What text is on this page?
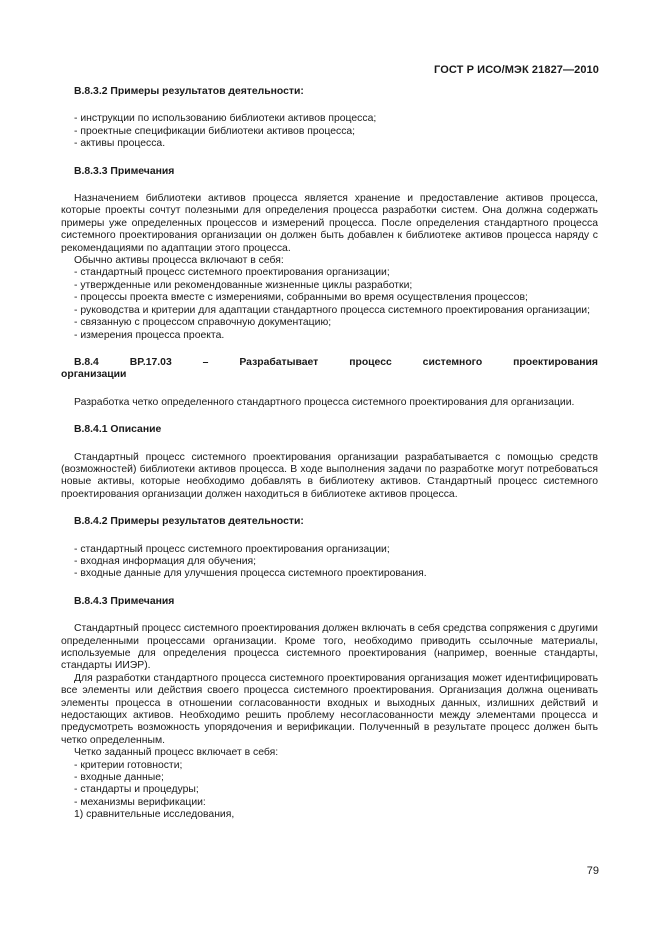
ГОСТ Р ИСО/МЭК 21827—2010
B.8.3.2 Примеры результатов деятельности:
- инструкции по использованию библиотеки активов процесса;
- проектные спецификации библиотеки активов процесса;
- активы процесса.
B.8.3.3 Примечания

Назначением библиотеки активов процесса является хранение и предоставление активов процесса, которые проекты сочтут полезными для определения процесса разработки систем. Она должна содержать примеры уже определенных процессов и измерений процесса. После определения стандартного процесса системного проектирования организации он должен быть добавлен к библиотеке активов процесса наряду с рекомендациями по адаптации этого процесса.

Обычно активы процесса включают в себя:
- стандартный процесс системного проектирования организации;
- утвержденные или рекомендованные жизненные циклы разработки;
- процессы проекта вместе с измерениями, собранными во время осуществления процессов;
- руководства и критерии для адаптации стандартного процесса системного проектирования организации;
- связанную с процессом справочную документацию;
- измерения процесса проекта.
B.8.4 BP.17.03 – Разрабатывает процесс системного проектирования
организации

Разработка четко определенного стандартного процесса системного проектирования для организации.

B.8.4.1 Описание

Стандартный процесс системного проектирования организации разрабатывается с помощью средств (возможностей) библиотеки активов процесса. В ходе выполнения задачи по разработке могут потребоваться новые активы, которые необходимо добавлять в библиотеку активов. Стандартный процесс системного проектирования организации должен находиться в библиотеке активов процесса.

B.8.4.2 Примеры результатов деятельности:
- стандартный процесс системного проектирования организации;
- входная информация для обучения;
- входные данные для улучшения процесса системного проектирования.
B.8.4.3 Примечания

Стандартный процесс системного проектирования должен включать в себя средства сопряжения с другими определенными процессами организации. Кроме того, необходимо приводить ссылочные материалы, используемые для определения процесса системного проектирования (например, военные стандарты, стандарты ИИЭР).

Для разработки стандартного процесса системного проектирования организация может идентифицировать все элементы или действия своего процесса системного проектирования. Организация должна оценивать элементы процесса в отношении согласованности входных и выходных данных, излишних действий и недостающих активов. Необходимо решить проблему несогласованности между элементами процесса и предусмотреть возможность упорядочения и верификации. Полученный в результате процесс должен быть четко определенным.

Четко заданный процесс включает в себя:
- критерии готовности;
- входные данные;
- стандарты и процедуры;
- механизмы верификации:
1) сравнительные исследования,
79
